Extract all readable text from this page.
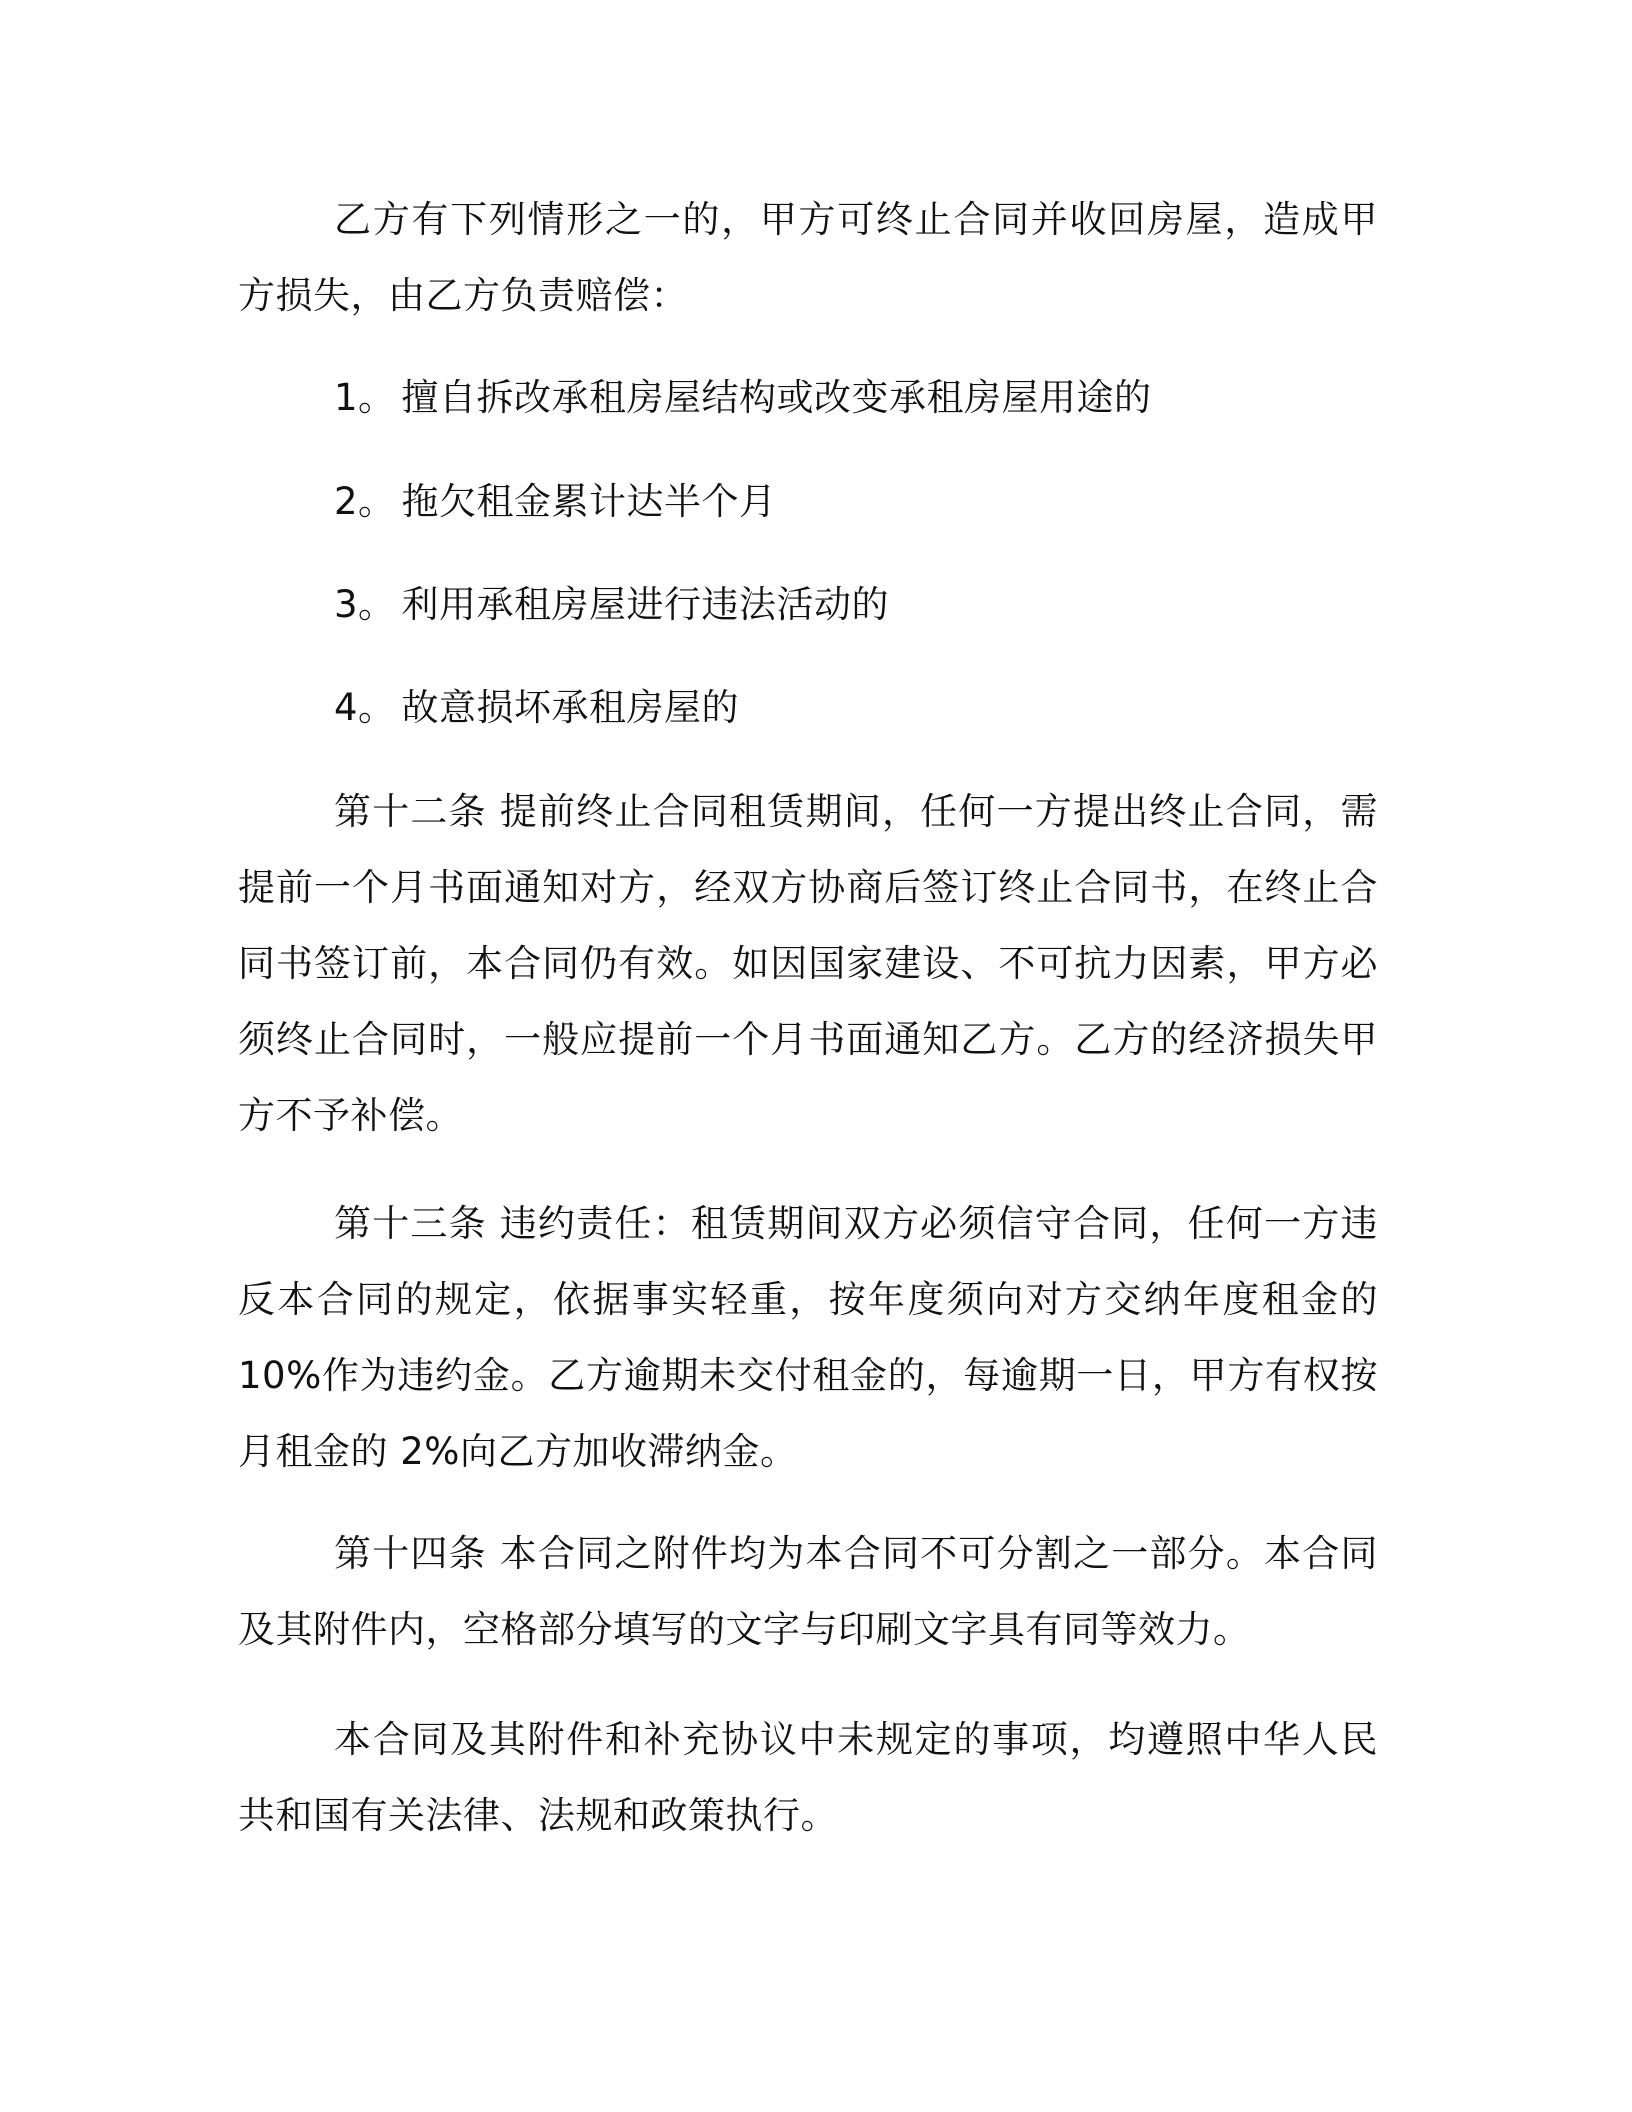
乙方有下列情形之一的，甲方可终止合同并收回房屋，造成甲方损失，由乙方负责赔偿：

1。 擅自拆改承租房屋结构或改变承租房屋用途的

2。 拖欠租金累计达半个月

3。 利用承租房屋进行违法活动的

4。 故意损坏承租房屋的

第十二条 提前终止合同租赁期间，任何一方提出终止合同，需提前一个月书面通知对方，经双方协商后签订终止合同书，在终止合同书签订前，本合同仍有效。如因国家建设、不可抗力因素，甲方必须终止合同时，一般应提前一个月书面通知乙方。乙方的经济损失甲方不予补偿。

第十三条 违约责任：租赁期间双方必须信守合同，任何一方违反本合同的规定，依据事实轻重，按年度须向对方交纳年度租金的 10%作为违约金。乙方逾期未交付租金的，每逾期一日，甲方有权按月租金的 2%向乙方加收滞纳金。

第十四条 本合同之附件均为本合同不可分割之一部分。本合同及其附件内，空格部分填写的文字与印刷文字具有同等效力。

本合同及其附件和补充协议中未规定的事项，均遵照中华人民共和国有关法律、法规和政策执行。
